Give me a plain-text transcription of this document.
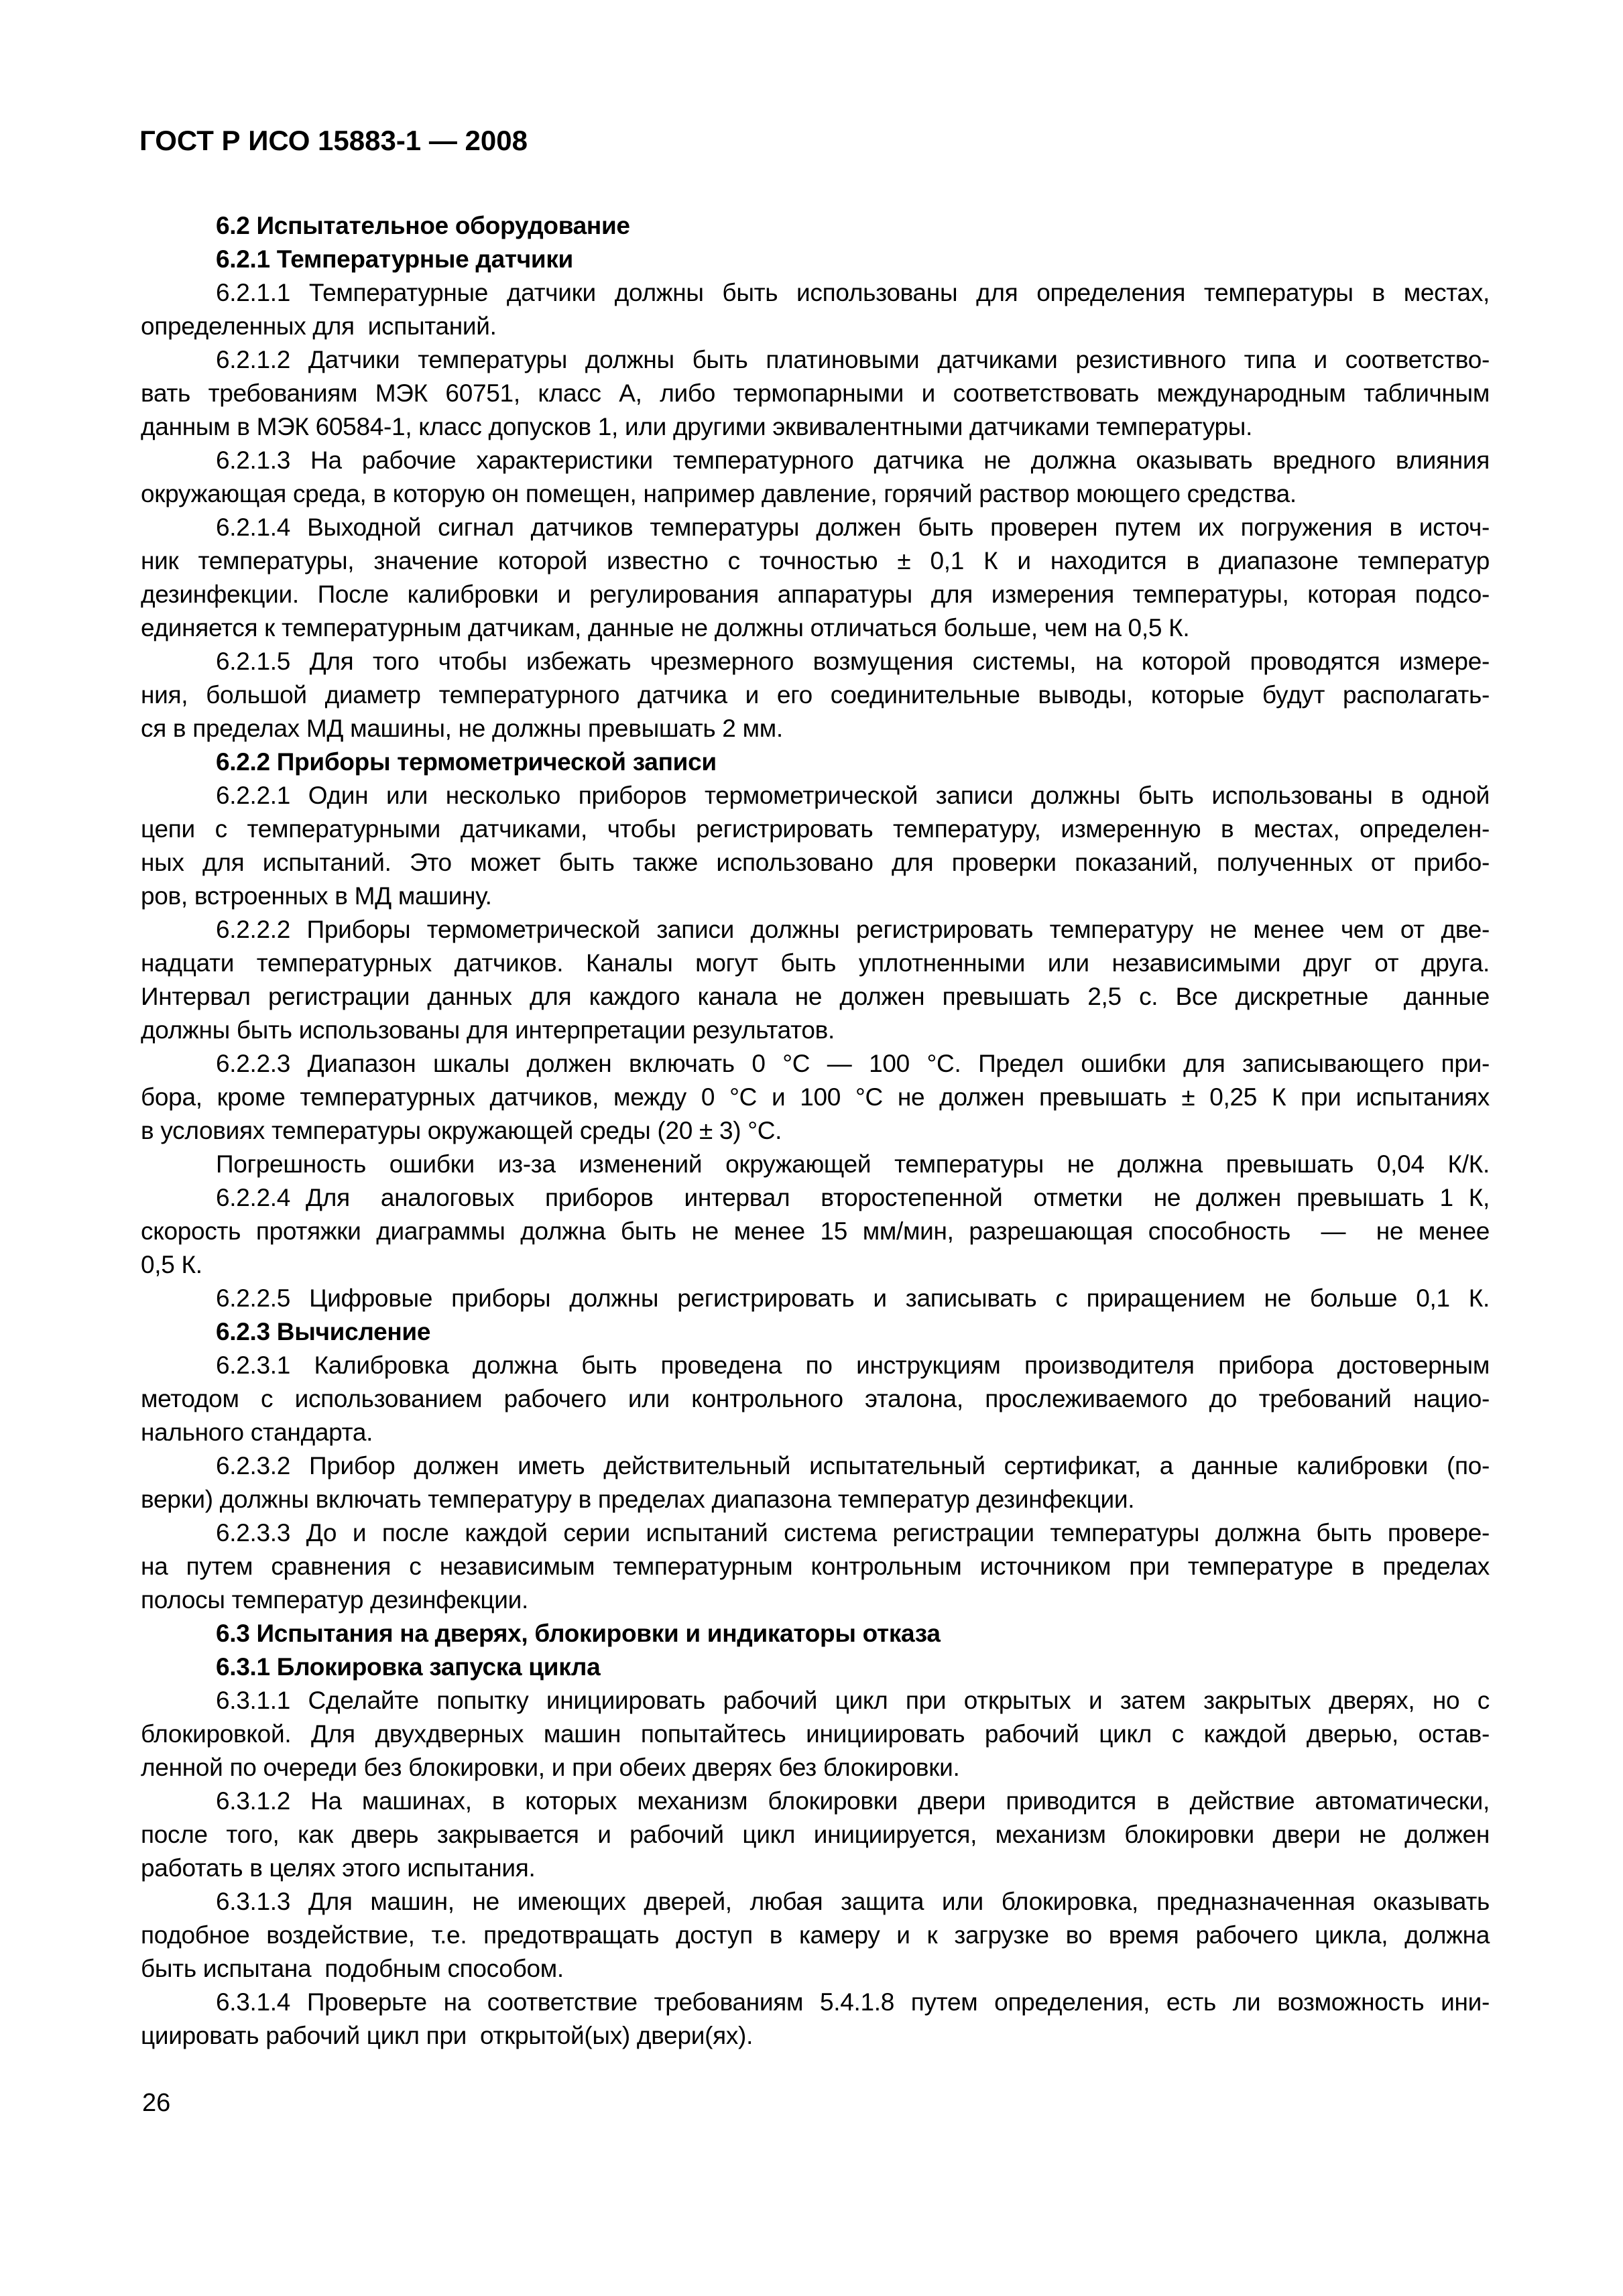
ГОСТ Р ИСО 15883-1 — 2008
6.2 Испытательное оборудование
6.2.1 Температурные датчики
6.2.1.1 Температурные датчики должны быть использованы для определения температуры в местах,
определенных для  испытаний.
6.2.1.2 Датчики температуры должны быть платиновыми датчиками резистивного типа и соответство-
вать требованиям МЭК 60751, класс А, либо термопарными и соответствовать международным табличным
данным в МЭК 60584-1, класс допусков 1, или другими эквивалентными датчиками температуры.
6.2.1.3 На рабочие характеристики температурного датчика не должна оказывать вредного влияния
окружающая среда, в которую он помещен, например давление, горячий раствор моющего средства.
6.2.1.4 Выходной сигнал датчиков температуры должен быть проверен путем их погружения в источ-
ник температуры, значение которой известно с точностью ± 0,1 К и находится в диапазоне температур
дезинфекции. После калибровки и регулирования аппаратуры для измерения температуры, которая подсо-
единяется к температурным датчикам, данные не должны отличаться больше, чем на 0,5 К.
6.2.1.5 Для того чтобы избежать чрезмерного возмущения системы, на которой проводятся измере-
ния, большой диаметр температурного датчика и его соединительные выводы, которые будут располагать-
ся в пределах МД машины, не должны превышать 2 мм.
6.2.2 Приборы термометрической записи
6.2.2.1 Один или несколько приборов термометрической записи должны быть использованы в одной
цепи с температурными датчиками, чтобы регистрировать температуру, измеренную в местах, определен-
ных для испытаний. Это может быть также использовано для проверки показаний, полученных от прибо-
ров, встроенных в МД машину.
6.2.2.2 Приборы термометрической записи должны регистрировать температуру не менее чем от две-
надцати температурных датчиков. Каналы могут быть уплотненными или независимыми друг от друга.
Интервал регистрации данных для каждого канала не должен превышать 2,5 с. Все дискретные  данные
должны быть использованы для интерпретации результатов.
6.2.2.3 Диапазон шкалы должен включать 0 °С — 100 °С. Предел ошибки для записывающего при-
бора, кроме температурных датчиков, между 0 °С и 100 °С не должен превышать ± 0,25 К при испытаниях
в условиях температуры окружающей среды (20 ± 3) °С.
Погрешность ошибки из-за изменений окружающей температуры не должна превышать 0,04 К/К.
6.2.2.4 Для  аналоговых  приборов  интервал  второстепенной  отметки  не должен превышать 1 К,
скорость протяжки диаграммы должна быть не менее 15 мм/мин, разрешающая способность  —  не менее
0,5 К.
6.2.2.5 Цифровые приборы должны регистрировать и записывать с приращением не больше 0,1 К.
6.2.3 Вычисление
6.2.3.1 Калибровка должна быть проведена по инструкциям производителя прибора достоверным
методом с использованием рабочего или контрольного эталона, прослеживаемого до требований нацио-
нального стандарта.
6.2.3.2 Прибор должен иметь действительный испытательный сертификат, а данные калибровки (по-
верки) должны включать температуру в пределах диапазона температур дезинфекции.
6.2.3.3 До и после каждой серии испытаний система регистрации температуры должна быть провере-
на путем сравнения с независимым температурным контрольным источником при температуре в пределах
полосы температур дезинфекции.
6.3 Испытания на дверях, блокировки и индикаторы отказа
6.3.1 Блокировка запуска цикла
6.3.1.1 Сделайте попытку инициировать рабочий цикл при открытых и затем закрытых дверях, но с
блокировкой. Для двухдверных машин попытайтесь инициировать рабочий цикл с каждой дверью, остав-
ленной по очереди без блокировки, и при обеих дверях без блокировки.
6.3.1.2 На машинах, в которых механизм блокировки двери приводится в действие автоматически,
после того, как дверь закрывается и рабочий цикл инициируется, механизм блокировки двери не должен
работать в целях этого испытания.
6.3.1.3 Для машин, не имеющих дверей, любая защита или блокировка, предназначенная оказывать
подобное воздействие, т.е. предотвращать доступ в камеру и к загрузке во время рабочего цикла, должна
быть испытана  подобным способом.
6.3.1.4 Проверьте на соответствие требованиям 5.4.1.8 путем определения, есть ли возможность ини-
циировать рабочий цикл при  открытой(ых) двери(ях).
26
